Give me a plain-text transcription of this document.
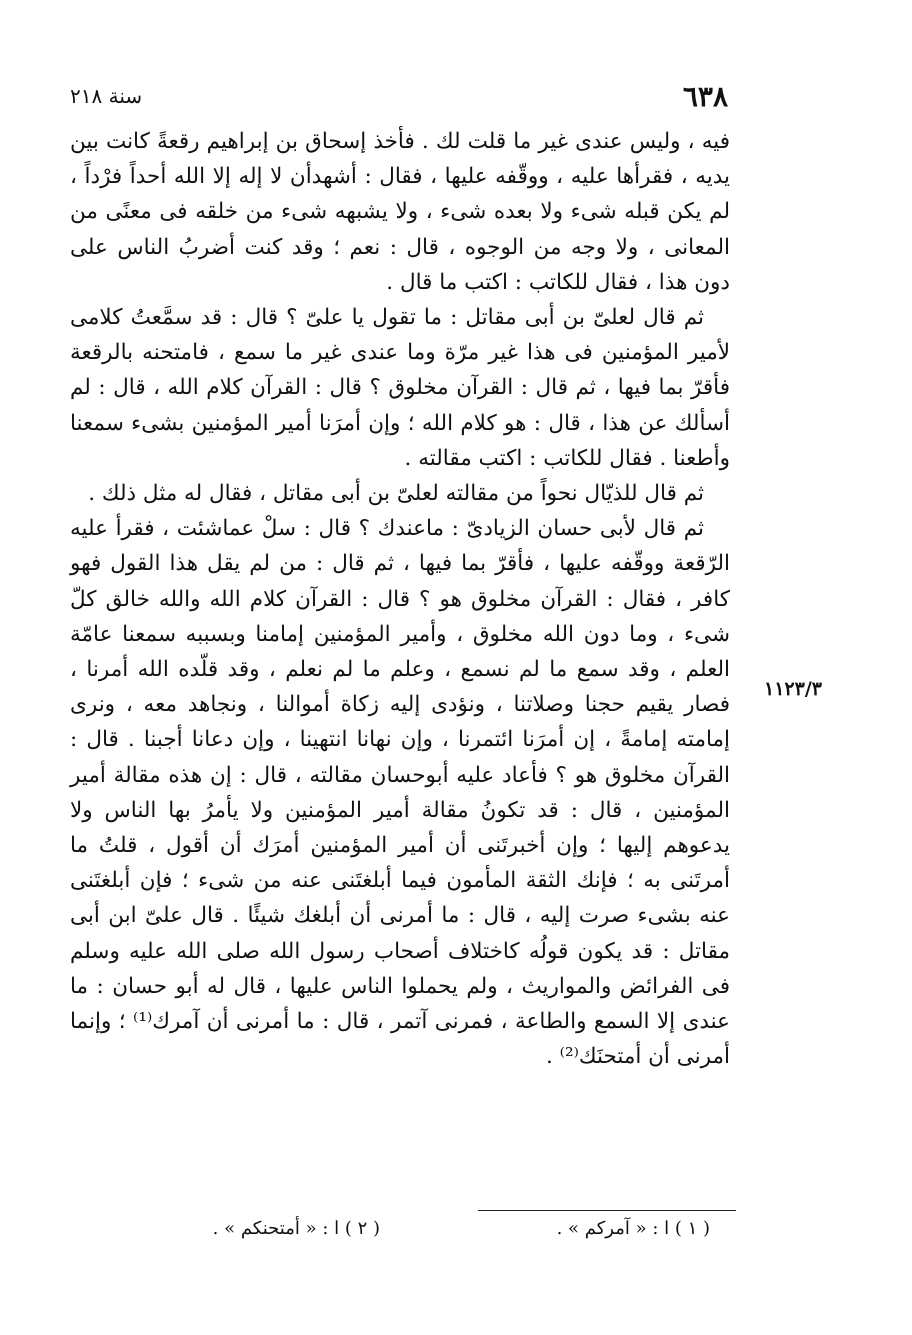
٦٣٨
سنة ٢١٨

فيه ، وليس عندى غير ما قلت لك . فأخذ إسحاق بن إبراهيم رقعةً كانت بين يديه ، فقرأها عليه ، ووقّفه عليها ، فقال : أشهدأن لا إله إلا الله أحداً فرْداً ، لم يكن قبله شىء ولا بعده شىء ، ولا يشبهه شىء من خلقه فى معنًى من المعانى ، ولا وجه من الوجوه ، قال : نعم ؛ وقد كنت أضربُ الناس على دون هذا ، فقال للكاتب : اكتب ما قال .

ثم قال لعلىّ بن أبى مقاتل : ما تقول يا علىّ ؟ قال : قد سمَّعتُ كلامى لأمير المؤمنين فى هذا غير مرّة وما عندى غير ما سمع ، فامتحنه بالرقعة فأقرّ بما فيها ، ثم قال : القرآن مخلوق ؟ قال : القرآن كلام الله ، قال : لم أسألك عن هذا ، قال : هو كلام الله ؛ وإن أمرَنا أمير المؤمنين بشىء سمعنا وأطعنا . فقال للكاتب : اكتب مقالته .

ثم قال للذيّال نحواً من مقالته لعلىّ بن أبى مقاتل ، فقال له مثل ذلك .

ثم قال لأبى حسان الزيادىّ : ماعندك ؟ قال : سلْ عماشئت ، فقرأ عليه الرّقعة ووقّفه عليها ، فأقرّ بما فيها ، ثم قال : من لم يقل هذا القول فهو كافر ، فقال : القرآن مخلوق هو ؟ قال : القرآن كلام الله والله خالق كلّ شىء ، وما دون الله مخلوق ، وأمير المؤمنين إمامنا وبسببه سمعنا عامّة العلم ، وقد سمع ما لم نسمع ، وعلم ما لم نعلم ، وقد قلّده الله أمرنا ، فصار يقيم حجنا وصلاتنا ، ونؤدى إليه زكاة أموالنا ، ونجاهد معه ، ونرى إمامته إمامةً ، إن أمرَنا ائتمرنا ، وإن نهانا انتهينا ، وإن دعانا أجبنا . قال : القرآن مخلوق هو ؟ فأعاد عليه أبوحسان مقالته ، قال : إن هذه مقالة أمير المؤمنين ، قال : قد تكونُ مقالة أمير المؤمنين ولا يأمرُ بها الناس ولا يدعوهم إليها ؛ وإن أخبرتَنى أن أمير المؤمنين أمرَك أن أقول ، قلتُ ما أمرتَنى به ؛ فإنك الثقة المأمون فيما أبلغتَنى عنه من شىء ؛ فإن أبلغتَنى عنه بشىء صرت إليه ، قال : ما أمرنى أن أبلغك شيئًا . قال علىّ ابن أبى مقاتل : قد يكون قولُه كاختلاف أصحاب رسول الله صلى الله عليه وسلم فى الفرائض والمواريث ، ولم يحملوا الناس عليها ، قال له أبو حسان : ما عندى إلا السمع والطاعة ، فمرنى آتمر ، قال : ما أمرنى أن آمرك⁽¹⁾ ؛ وإنما أمرنى أن أمتحنَك⁽²⁾ .

١١٢٣/٣
( ١ ) ا : « آمركم » .
( ٢ ) ا : « أمتحنكم » .
